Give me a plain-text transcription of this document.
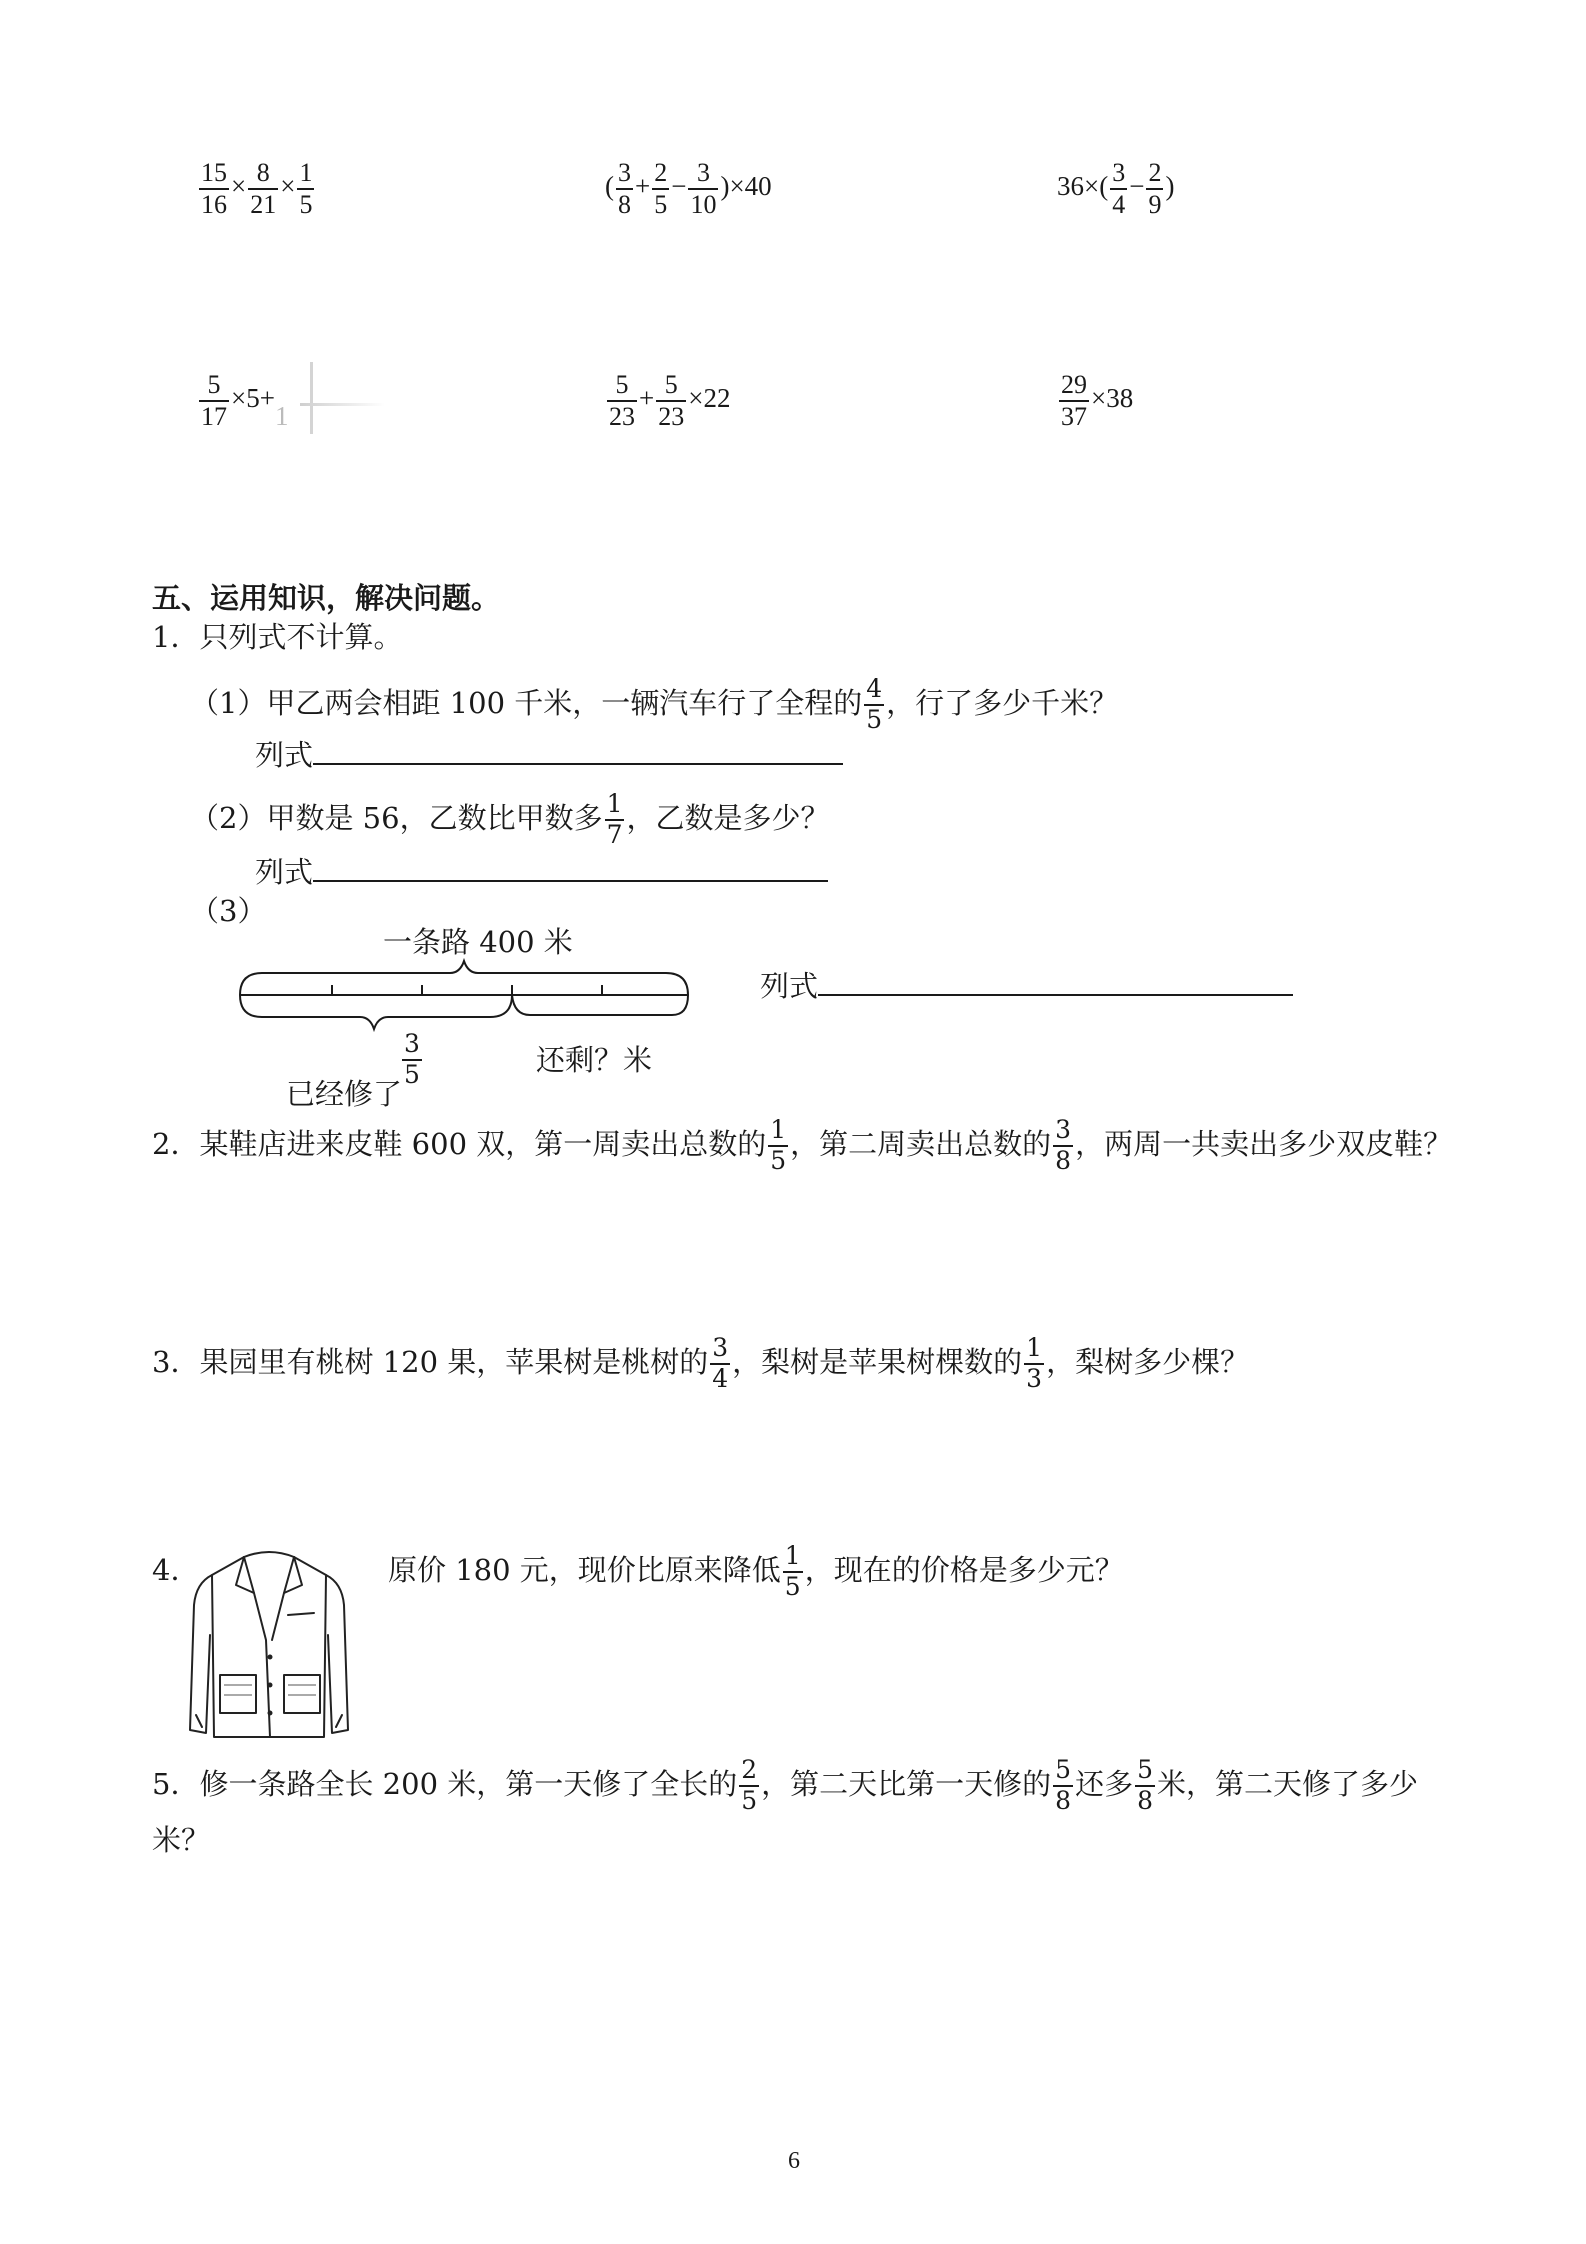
$\frac{15}{16} \times \frac{8}{21} \times \frac{1}{5}$	( $\frac{3}{8} + \frac{2}{5} - \frac{3}{10} )\times 40$	$36\times( \frac{3}{4} - \frac{2}{9}$ )
$\frac{5}{17} \times 5+1$	$\frac{5}{23} + \frac{5}{23} \times 22$	$\frac{29}{37} \times 38$
五、运用知识，解决问题。
1．只列式不计算。
（1）甲乙两会相距 100 千米，一辆汽车行了全程的 $\frac{4}{5}$ ，行了多少千米？
列式
（2）甲数是 56，乙数比甲数多 $\frac{1}{7}$ ，乙数是多少？
列式
（3）
一条路 400 米
$\frac{3}{5}$
已经修了
还剩？米
列式
2．某鞋店进来皮鞋 600 双，第一周卖出总数的 $\frac{1}{5}$ ，第二周卖出总数的 $\frac{3}{8}$ ，两周一共卖出多少双皮鞋？
3．果园里有桃树 120 果，苹果树是桃树的 $\frac{3}{4}$ ，梨树是苹果树棵数的 $\frac{1}{3}$ ，梨树多少棵？
4．	原价 180 元，现价比原来降低 $\frac{1}{5}$ ，现在的价格是多少元？
5．修一条路全长 200 米，第一天修了全长的 $\frac{2}{5}$ ，第二天比第一天修的 $\frac{5}{8}$ 还多 $\frac{5}{8}$ 米，第二天修了多少
米？
6
